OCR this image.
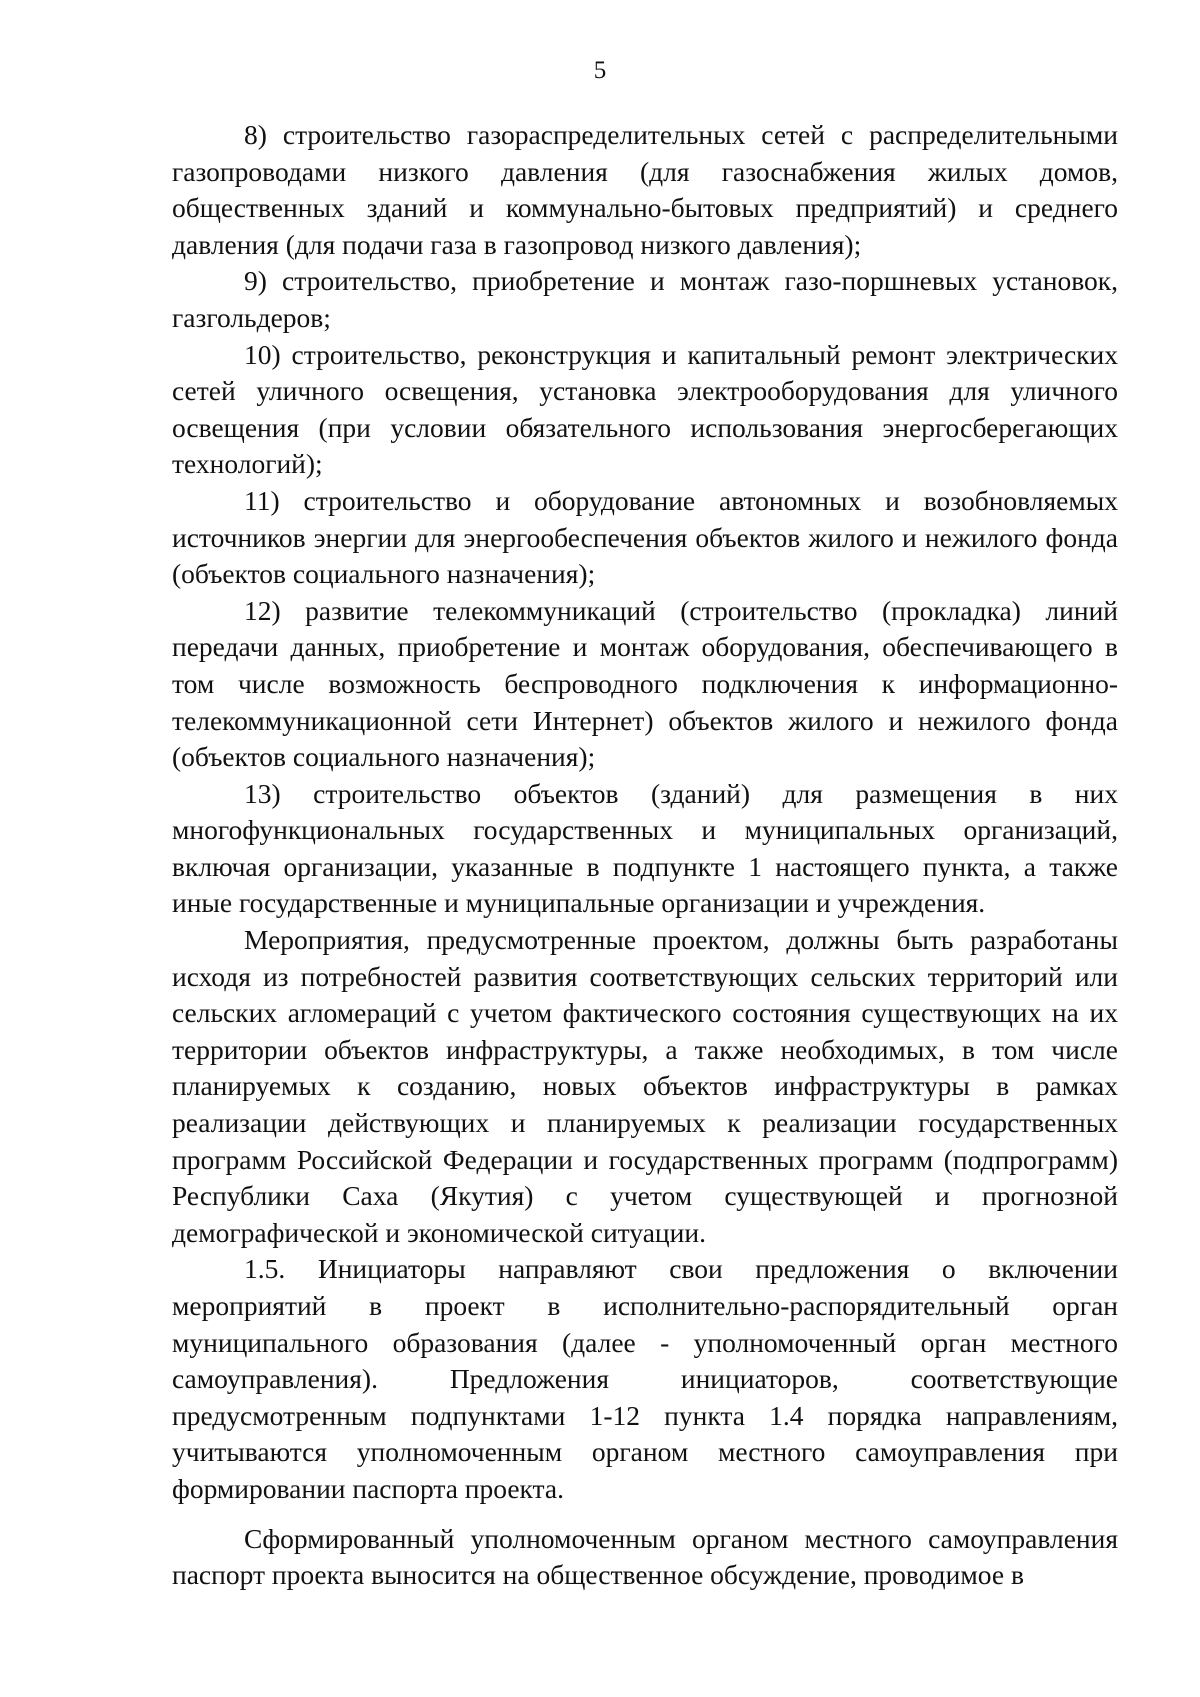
5

8) строительство газораспределительных сетей с распределительными газопроводами низкого давления (для газоснабжения жилых домов, общественных зданий и коммунально-бытовых предприятий) и среднего давления (для подачи газа в газопровод низкого давления);

9) строительство, приобретение и монтаж газо-поршневых установок, газгольдеров;

10) строительство, реконструкция и капитальный ремонт электрических сетей уличного освещения, установка электрооборудования для уличного освещения (при условии обязательного использования энергосберегающих технологий);

11) строительство и оборудование автономных и возобновляемых источников энергии для энергообеспечения объектов жилого и нежилого фонда (объектов социального назначения);

12) развитие телекоммуникаций (строительство (прокладка) линий передачи данных, приобретение и монтаж оборудования, обеспечивающего в том числе возможность беспроводного подключения к информационно-телекоммуникационной сети Интернет) объектов жилого и нежилого фонда (объектов социального назначения);

13) строительство объектов (зданий) для размещения в них многофункциональных государственных и муниципальных организаций, включая организации, указанные в подпункте 1 настоящего пункта, а также иные государственные и муниципальные организации и учреждения.

Мероприятия, предусмотренные проектом, должны быть разработаны исходя из потребностей развития соответствующих сельских территорий или сельских агломераций с учетом фактического состояния существующих на их территории объектов инфраструктуры, а также необходимых, в том числе планируемых к созданию, новых объектов инфраструктуры в рамках реализации действующих и планируемых к реализации государственных программ Российской Федерации и государственных программ (подпрограмм) Республики Саха (Якутия) с учетом существующей и прогнозной демографической и экономической ситуации.

1.5. Инициаторы направляют свои предложения о включении мероприятий в проект в исполнительно-распорядительный орган муниципального образования (далее - уполномоченный орган местного самоуправления). Предложения инициаторов, соответствующие предусмотренным подпунктами 1-12 пункта 1.4 порядка направлениям, учитываются уполномоченным органом местного самоуправления при формировании паспорта проекта.

Сформированный уполномоченным органом местного самоуправления паспорт проекта выносится на общественное обсуждение, проводимое в
